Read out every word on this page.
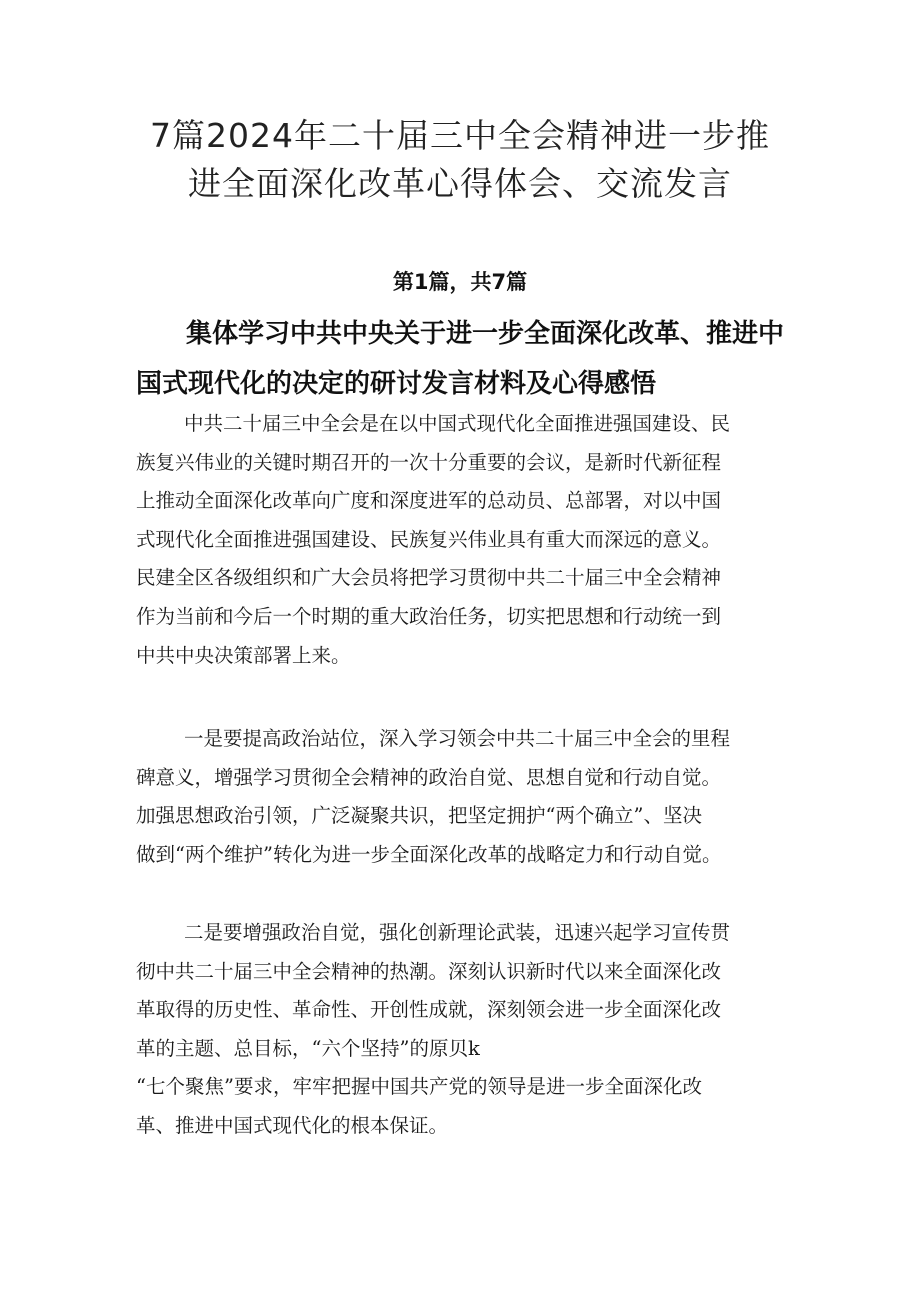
7篇2024年二十届三中全会精神进一步推
进全面深化改革心得体会、交流发言
第1篇，共7篇
集体学习中共中央关于进一步全面深化改革、推进中
国式现代化的决定的研讨发言材料及心得感悟
中共二十届三中全会是在以中国式现代化全面推进强国建设、民
族复兴伟业的关键时期召开的一次十分重要的会议，是新时代新征程
上推动全面深化改革向广度和深度进军的总动员、总部署，对以中国
式现代化全面推进强国建设、民族复兴伟业具有重大而深远的意义。
民建全区各级组织和广大会员将把学习贯彻中共二十届三中全会精神
作为当前和今后一个时期的重大政治任务，切实把思想和行动统一到
中共中央决策部署上来。
一是要提高政治站位，深入学习领会中共二十届三中全会的里程
碑意义，增强学习贯彻全会精神的政治自觉、思想自觉和行动自觉。
加强思想政治引领，广泛凝聚共识，把坚定拥护“两个确立”、坚决
做到“两个维护”转化为进一步全面深化改革的战略定力和行动自觉。
二是要增强政治自觉，强化创新理论武装，迅速兴起学习宣传贯
彻中共二十届三中全会精神的热潮。深刻认识新时代以来全面深化改
革取得的历史性、革命性、开创性成就，深刻领会进一步全面深化改
革的主题、总目标，“六个坚持”的原贝k
“七个聚焦”要求，牢牢把握中国共产党的领导是进一步全面深化改
革、推进中国式现代化的根本保证。
